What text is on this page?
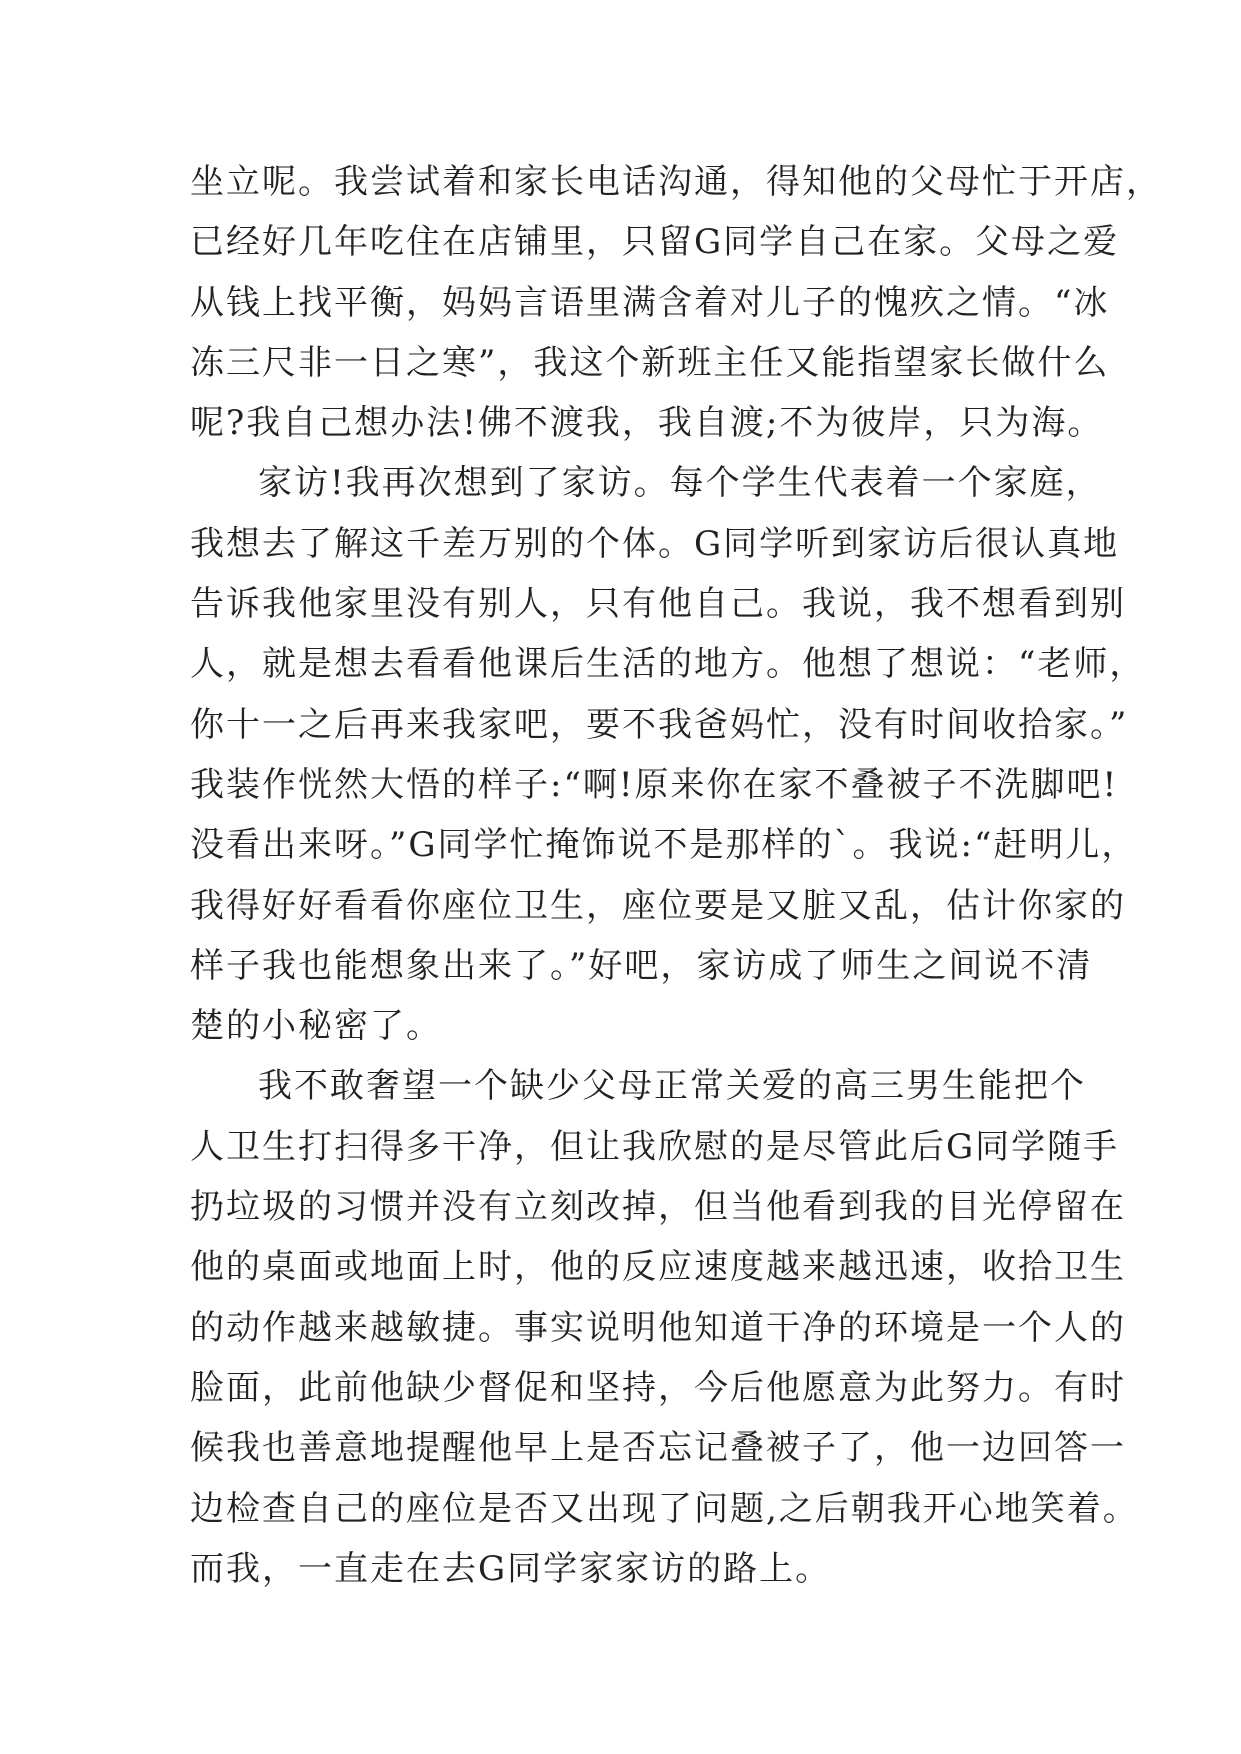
坐立呢。我尝试着和家长电话沟通，得知他的父母忙于开店，
已经好几年吃住在店铺里，只留G同学自己在家。父母之爱
从钱上找平衡，妈妈言语里满含着对儿子的愧疚之情。“冰
冻三尺非一日之寒”，我这个新班主任又能指望家长做什么
呢?我自己想办法!佛不渡我，我自渡;不为彼岸，只为海。
家访!我再次想到了家访。每个学生代表着一个家庭，
我想去了解这千差万别的个体。G同学听到家访后很认真地
告诉我他家里没有别人，只有他自己。我说，我不想看到别
人，就是想去看看他课后生活的地方。他想了想说：“老师，
你十一之后再来我家吧，要不我爸妈忙，没有时间收拾家。”
我装作恍然大悟的样子:“啊!原来你在家不叠被子不洗脚吧!
没看出来呀。”G同学忙掩饰说不是那样的`。我说:“赶明儿，
我得好好看看你座位卫生，座位要是又脏又乱，估计你家的
样子我也能想象出来了。”好吧，家访成了师生之间说不清
楚的小秘密了。
我不敢奢望一个缺少父母正常关爱的高三男生能把个
人卫生打扫得多干净，但让我欣慰的是尽管此后G同学随手
扔垃圾的习惯并没有立刻改掉，但当他看到我的目光停留在
他的桌面或地面上时，他的反应速度越来越迅速，收拾卫生
的动作越来越敏捷。事实说明他知道干净的环境是一个人的
脸面，此前他缺少督促和坚持，今后他愿意为此努力。有时
候我也善意地提醒他早上是否忘记叠被子了，他一边回答一
边检查自己的座位是否又出现了问题,之后朝我开心地笑着。
而我，一直走在去G同学家家访的路上。
